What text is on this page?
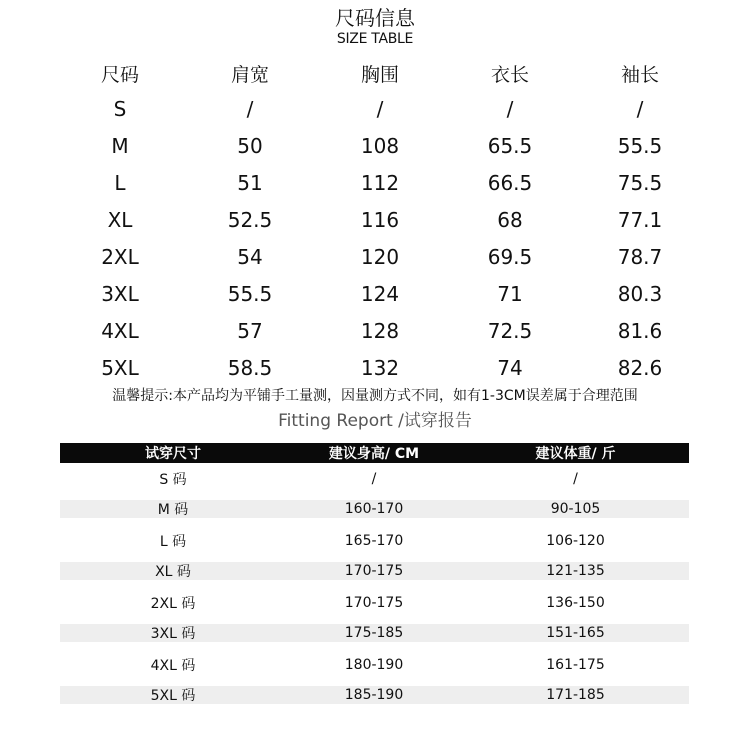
尺码信息
SIZE TABLE
尺码	肩宽	胸围	衣长	袖长
S	/	/	/	/
M	50	108	65.5	55.5
L	51	112	66.5	75.5
XL	52.5	116	68	77.1
2XL	54	120	69.5	78.7
3XL	55.5	124	71	80.3
4XL	57	128	72.5	81.6
5XL	58.5	132	74	82.6
温馨提示:本产品均为平铺手工量测，因量测方式不同，如有1-3CM误差属于合理范围
Fitting Report /试穿报告
试穿尺寸	建议身高/ CM	建议体重/ 斤
S 码	/	/
M 码	160-170	90-105
L 码	165-170	106-120
XL 码	170-175	121-135
2XL 码	170-175	136-150
3XL 码	175-185	151-165
4XL 码	180-190	161-175
5XL 码	185-190	171-185
